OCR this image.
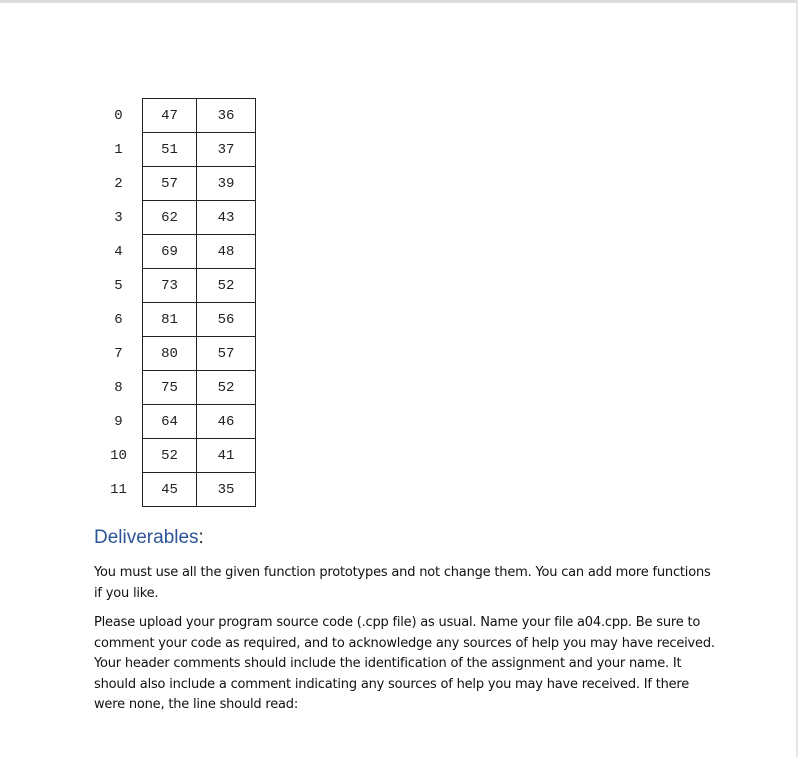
0	47	36
1	51	37
2	57	39
3	62	43
4	69	48
5	73	52
6	81	56
7	80	57
8	75	52
9	64	46
10	52	41
11	45	35
Deliverables:
You must use all the given function prototypes and not change them. You can add more functions if you like.
Please upload your program source code (.cpp file) as usual. Name your file a04.cpp. Be sure to comment your code as required, and to acknowledge any sources of help you may have received. Your header comments should include the identification of the assignment and your name. It should also include a comment indicating any sources of help you may have received. If there were none, the line should read:
